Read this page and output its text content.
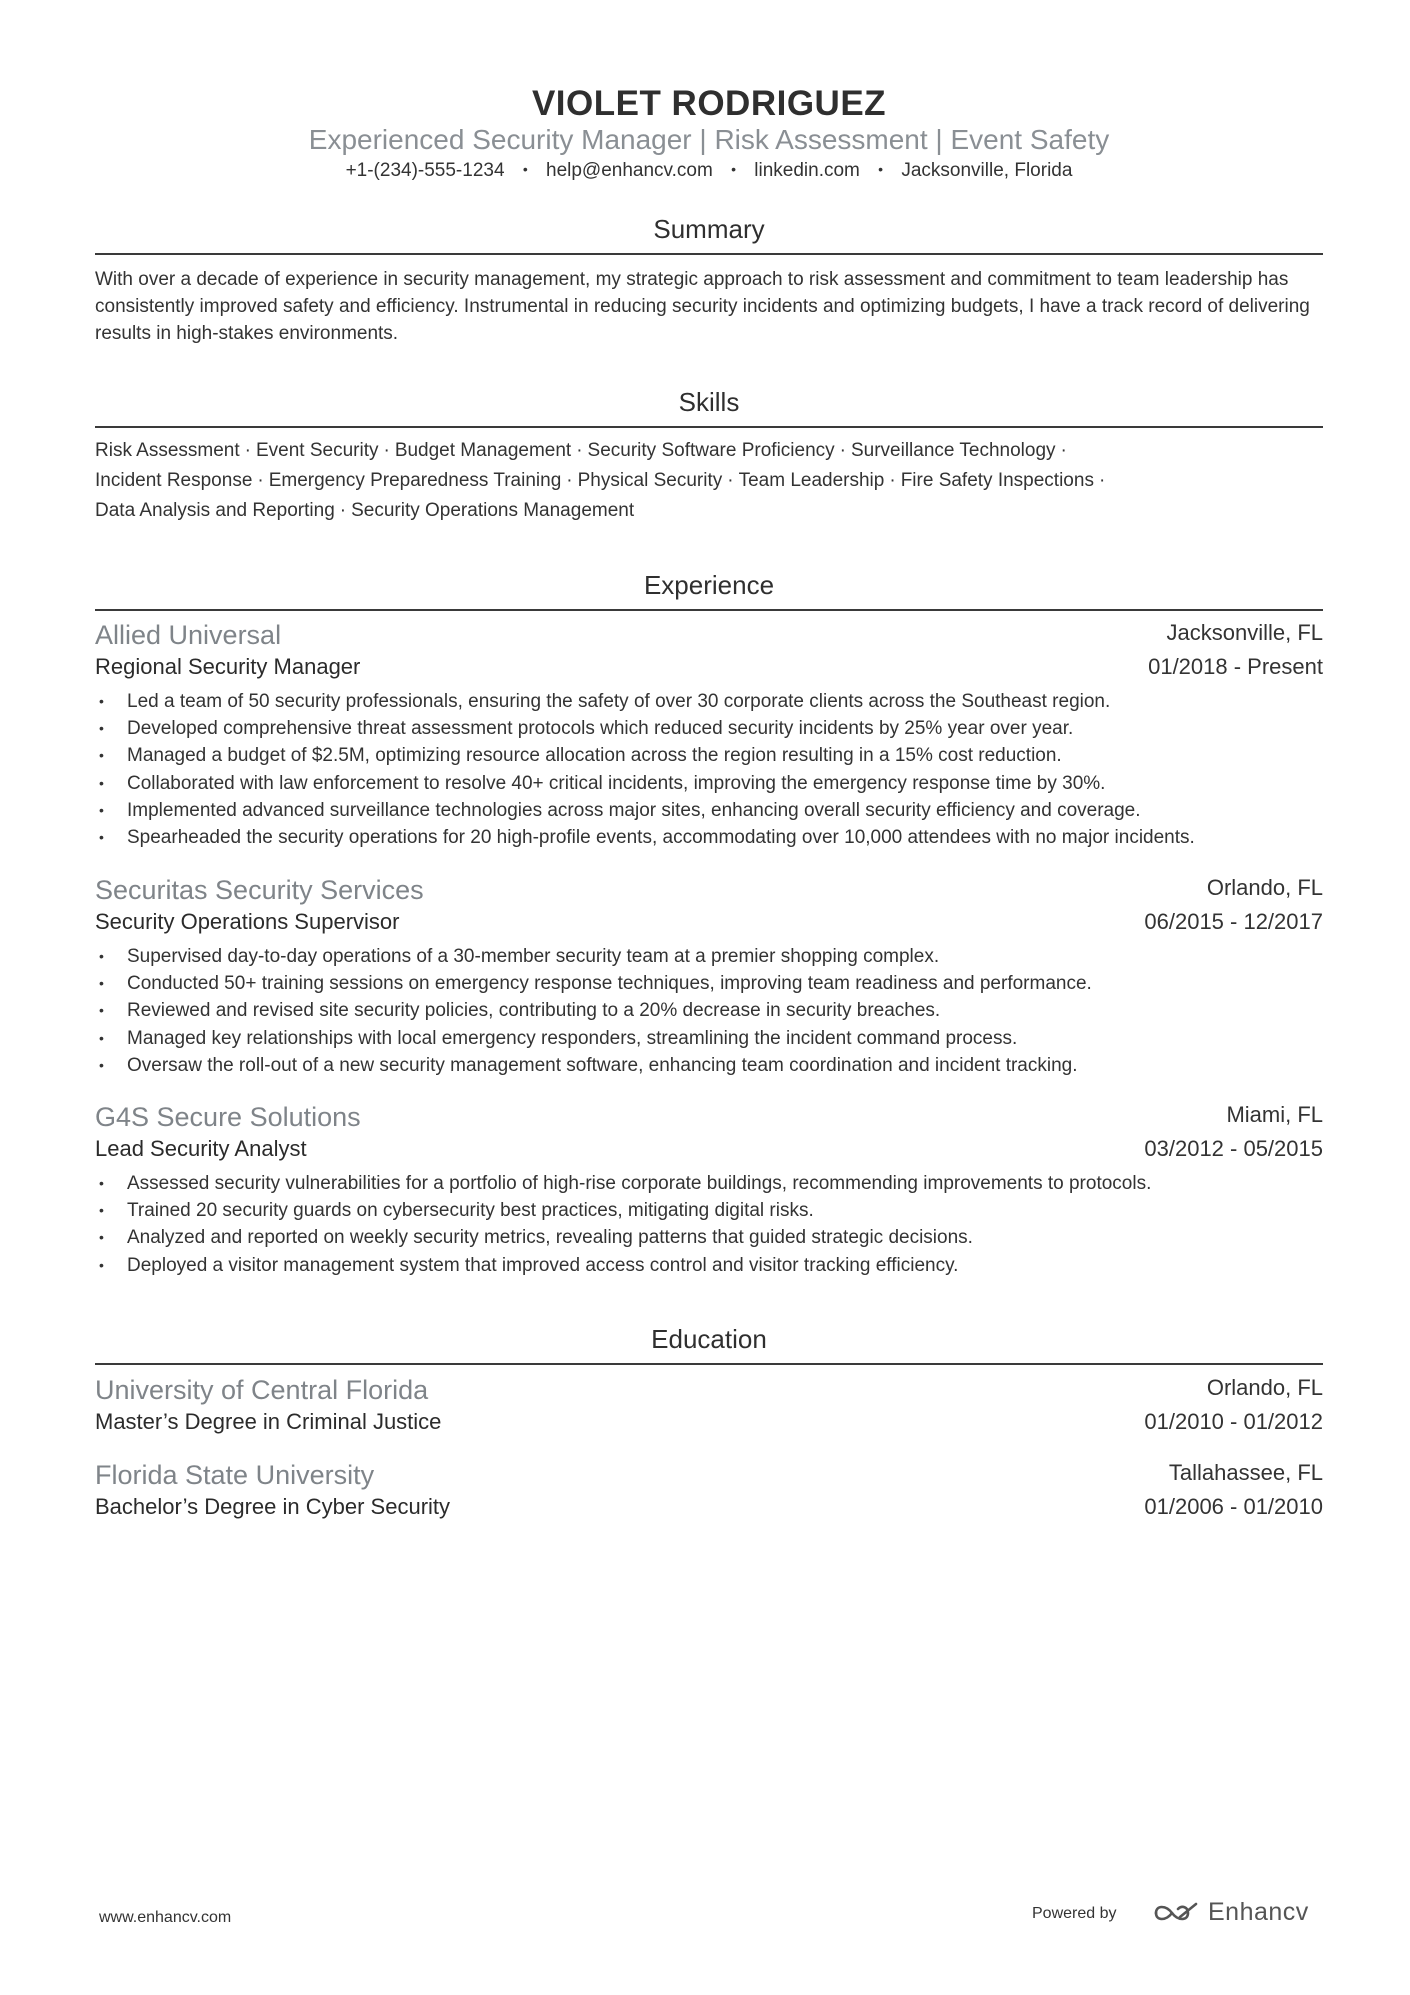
VIOLET RODRIGUEZ
Experienced Security Manager | Risk Assessment | Event Safety
+1-(234)-555-1234 • help@enhancv.com • linkedin.com • Jacksonville, Florida
Summary
With over a decade of experience in security management, my strategic approach to risk assessment and commitment to team leadership has consistently improved safety and efficiency. Instrumental in reducing security incidents and optimizing budgets, I have a track record of delivering results in high-stakes environments.
Skills
Risk Assessment · Event Security · Budget Management · Security Software Proficiency · Surveillance Technology ·
Incident Response · Emergency Preparedness Training · Physical Security · Team Leadership · Fire Safety Inspections ·
Data Analysis and Reporting · Security Operations Management
Experience
Allied Universal	Jacksonville, FL
Regional Security Manager	01/2018 - Present
• Led a team of 50 security professionals, ensuring the safety of over 30 corporate clients across the Southeast region.
• Developed comprehensive threat assessment protocols which reduced security incidents by 25% year over year.
• Managed a budget of $2.5M, optimizing resource allocation across the region resulting in a 15% cost reduction.
• Collaborated with law enforcement to resolve 40+ critical incidents, improving the emergency response time by 30%.
• Implemented advanced surveillance technologies across major sites, enhancing overall security efficiency and coverage.
• Spearheaded the security operations for 20 high-profile events, accommodating over 10,000 attendees with no major incidents.
Securitas Security Services	Orlando, FL
Security Operations Supervisor	06/2015 - 12/2017
• Supervised day-to-day operations of a 30-member security team at a premier shopping complex.
• Conducted 50+ training sessions on emergency response techniques, improving team readiness and performance.
• Reviewed and revised site security policies, contributing to a 20% decrease in security breaches.
• Managed key relationships with local emergency responders, streamlining the incident command process.
• Oversaw the roll-out of a new security management software, enhancing team coordination and incident tracking.
G4S Secure Solutions	Miami, FL
Lead Security Analyst	03/2012 - 05/2015
• Assessed security vulnerabilities for a portfolio of high-rise corporate buildings, recommending improvements to protocols.
• Trained 20 security guards on cybersecurity best practices, mitigating digital risks.
• Analyzed and reported on weekly security metrics, revealing patterns that guided strategic decisions.
• Deployed a visitor management system that improved access control and visitor tracking efficiency.
Education
University of Central Florida	Orlando, FL
Master’s Degree in Criminal Justice	01/2010 - 01/2012
Florida State University	Tallahassee, FL
Bachelor’s Degree in Cyber Security	01/2006 - 01/2010
www.enhancv.com	Powered by	Enhancv
